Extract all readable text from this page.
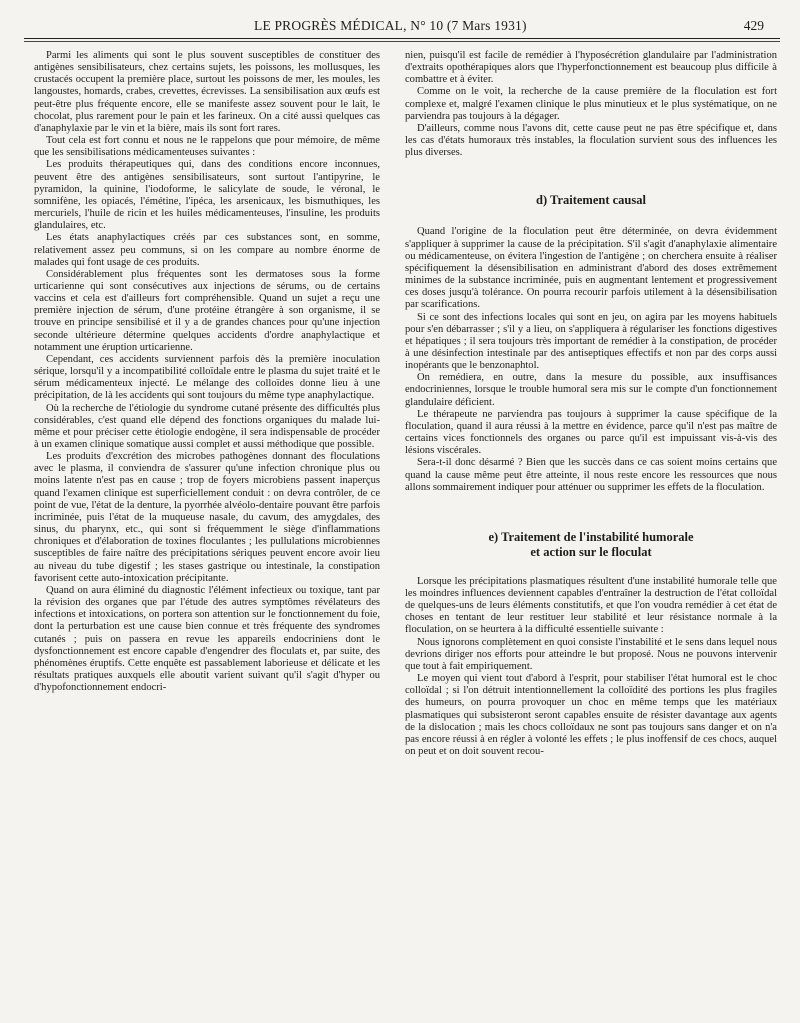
LE PROGRÈS MÉDICAL, N° 10 (7 Mars 1931)	429

Parmi les aliments qui sont le plus souvent susceptibles de constituer des antigènes sensibilisateurs, chez certains sujets, les poissons, les mollusques, les crustacés occupent la première place, surtout les poissons de mer, les moules, les langoustes, homards, crabes, crevettes, écrevisses. La sensibilisation aux œufs est peut-être plus fréquente encore, elle se manifeste assez souvent pour le lait, le chocolat, plus rarement pour le pain et les farineux. On a cité aussi quelques cas d'anaphylaxie par le vin et la bière, mais ils sont fort rares.

Tout cela est fort connu et nous ne le rappelons que pour mémoire, de même que les sensibilisations médicamenteuses suivantes :

Les produits thérapeutiques qui, dans des conditions encore inconnues, peuvent être des antigènes sensibilisateurs, sont surtout l'antipyrine, le pyramidon, la quinine, l'iodoforme, le salicylate de soude, le véronal, le somnifène, les opiacés, l'émétine, l'ipéca, les arsenicaux, les bismuthiques, les mercuriels, l'huile de ricin et les huiles médicamenteuses, l'insuline, les produits glandulaires, etc.

Les états anaphylactiques créés par ces substances sont, en somme, relativement assez peu communs, si on les compare au nombre énorme de malades qui font usage de ces produits.

Considérablement plus fréquentes sont les dermatoses sous la forme urticarienne qui sont consécutives aux injections de sérums, ou de certains vaccins et cela est d'ailleurs fort compréhensible. Quand un sujet a reçu une première injection de sérum, d'une protéine étrangère à son organisme, il se trouve en principe sensibilisé et il y a de grandes chances pour qu'une injection seconde ultérieure détermine quelques accidents d'ordre anaphylactique et notamment une éruption urticarienne.

Cependant, ces accidents surviennent parfois dès la première inoculation sérique, lorsqu'il y a incompatibilité colloïdale entre le plasma du sujet traité et le sérum médicamenteux injecté. Le mélange des colloïdes donne lieu à une précipitation, de là les accidents qui sont toujours du même type anaphylactique.

Où la recherche de l'étiologie du syndrome cutané présente des difficultés plus considérables, c'est quand elle dépend des fonctions organiques du malade lui-même et pour préciser cette étiologie endogène, il sera indispensable de procéder à un examen clinique somatique aussi complet et aussi méthodique que possible.

Les produits d'excrétion des microbes pathogènes donnant des floculations avec le plasma, il conviendra de s'assurer qu'une infection chronique plus ou moins latente n'est pas en cause ; trop de foyers microbiens passent inaperçus quand l'examen clinique est superficiellement conduit : on devra contrôler, de ce point de vue, l'état de la denture, la pyorrhée alvéolo-dentaire pouvant être parfois incriminée, puis l'état de la muqueuse nasale, du cavum, des amygdales, des sinus, du pharynx, etc., qui sont si fréquemment le siège d'inflammations chroniques et d'élaboration de toxines floculantes ; les pullulations microbiennes susceptibles de faire naître des précipitations sériques peuvent encore avoir lieu au niveau du tube digestif ; les stases gastrique ou intestinale, la constipation favorisent cette auto-intoxication précipitante.

Quand on aura éliminé du diagnostic l'élément infectieux ou toxique, tant par la révision des organes que par l'étude des autres symptômes révélateurs des infections et intoxications, on portera son attention sur le fonctionnement du foie, dont la perturbation est une cause bien connue et très fréquente des syndromes cutanés ; puis on passera en revue les appareils endocriniens dont le dysfonctionnement est encore capable d'engendrer des floculats et, par suite, des phénomènes éruptifs. Cette enquête est passablement laborieuse et délicate et les résultats pratiques auxquels elle aboutit varient suivant qu'il s'agit d'hyper ou d'hypofonctionnement endocri-

nien, puisqu'il est facile de remédier à l'hyposécrétion glandulaire par l'administration d'extraits opothérapiques alors que l'hyperfonctionnement est beaucoup plus difficile à combattre et à éviter.

Comme on le voit, la recherche de la cause première de la floculation est fort complexe et, malgré l'examen clinique le plus minutieux et le plus systématique, on ne parviendra pas toujours à la dégager.

D'ailleurs, comme nous l'avons dit, cette cause peut ne pas être spécifique et, dans les cas d'états humoraux très instables, la floculation survient sous des influences les plus diverses.

d) Traitement causal

Quand l'origine de la floculation peut être déterminée, on devra évidemment s'appliquer à supprimer la cause de la précipitation. S'il s'agit d'anaphylaxie alimentaire ou médicamenteuse, on évitera l'ingestion de l'antigène ; on cherchera ensuite à réaliser spécifiquement la désensibilisation en administrant d'abord des doses extrêmement minimes de la substance incriminée, puis en augmentant lentement et progressivement ces doses jusqu'à tolérance. On pourra recourir parfois utilement à la désensibilisation par scarifications.

Si ce sont des infections locales qui sont en jeu, on agira par les moyens habituels pour s'en débarrasser ; s'il y a lieu, on s'appliquera à régulariser les fonctions digestives et hépatiques ; il sera toujours très important de remédier à la constipation, de procéder à une désinfection intestinale par des antiseptiques effectifs et non par des corps aussi inopérants que le benzonaphtol.

On remédiera, en outre, dans la mesure du possible, aux insuffisances endocriniennes, lorsque le trouble humoral sera mis sur le compte d'un fonctionnement glandulaire déficient.

Le thérapeute ne parviendra pas toujours à supprimer la cause spécifique de la floculation, quand il aura réussi à la mettre en évidence, parce qu'il n'est pas maître de certains vices fonctionnels des organes ou parce qu'il est impuissant vis-à-vis des lésions viscérales.

Sera-t-il donc désarmé ? Bien que les succès dans ce cas soient moins certains que quand la cause même peut être atteinte, il nous reste encore les ressources que nous allons sommairement indiquer pour atténuer ou supprimer les effets de la floculation.

e) Traitement de l'instabilité humorale
et action sur le floculat

Lorsque les précipitations plasmatiques résultent d'une instabilité humorale telle que les moindres influences deviennent capables d'entraîner la destruction de l'état colloïdal de quelques-uns de leurs éléments constitutifs, et que l'on voudra remédier à cet état de choses en tentant de leur restituer leur stabilité et leur résistance normale à la floculation, on se heurtera à la difficulté essentielle suivante :

Nous ignorons complètement en quoi consiste l'instabilité et le sens dans lequel nous devrions diriger nos efforts pour atteindre le but proposé. Nous ne pouvons intervenir que tout à fait empiriquement.

Le moyen qui vient tout d'abord à l'esprit, pour stabiliser l'état humoral est le choc colloïdal ; si l'on détruit intentionnellement la colloïdité des portions les plus fragiles des humeurs, on pourra provoquer un choc en même temps que les matériaux plasmatiques qui subsisteront seront capables ensuite de résister davantage aux agents de la dislocation ; mais les chocs colloïdaux ne sont pas toujours sans danger et on n'a pas encore réussi à en régler à volonté les effets ; le plus inoffensif de ces chocs, auquel on peut et on doit souvent recou-
